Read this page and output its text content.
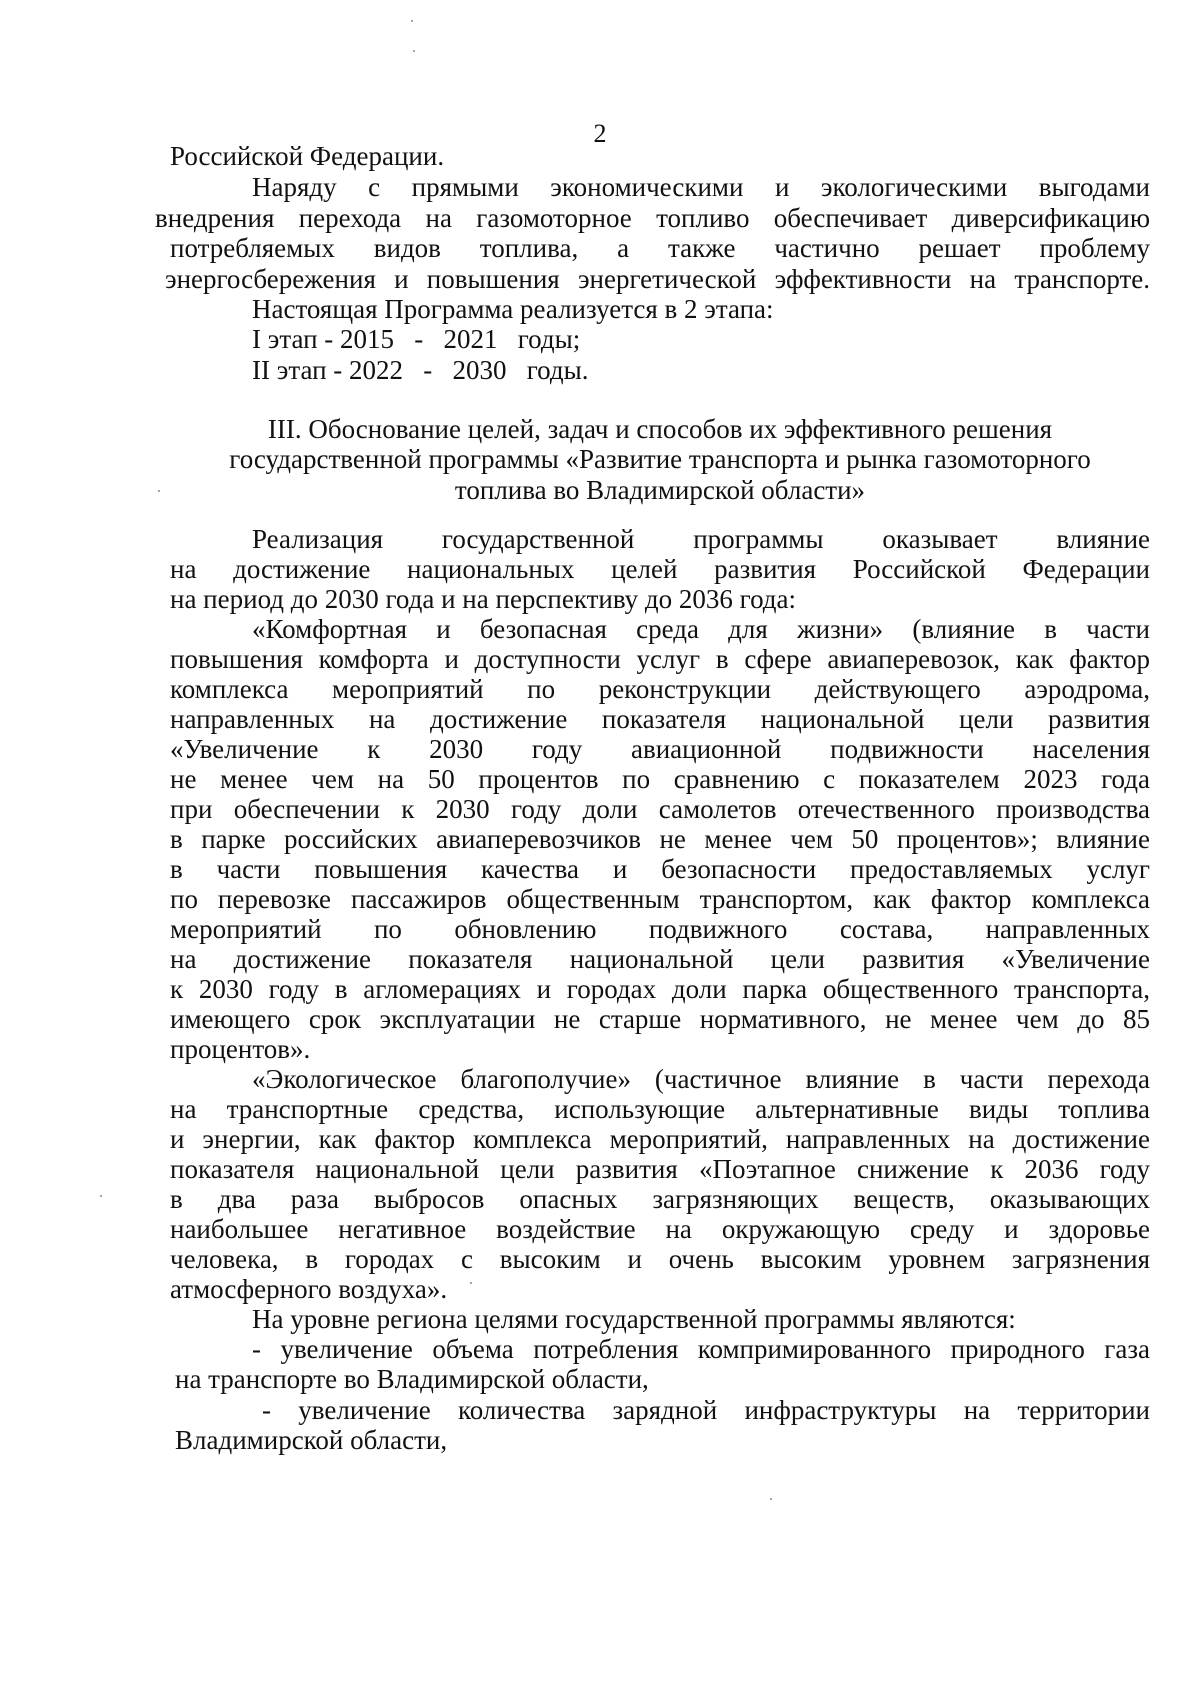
2
Российской Федерации.
Наряду с прямыми экономическими и экологическими выгодами
внедрения перехода на газомоторное топливо обеспечивает диверсификацию
потребляемых видов топлива, а также частично решает проблему
энергосбережения и повышения энергетической эффективности на транспорте.
Настоящая Программа реализуется в 2 этапа:
I этап - 2015   -   2021   годы;
II этап - 2022   -   2030   годы.
III. Обоснование целей, задач и способов их эффективного решения
государственной программы «Развитие транспорта и рынка газомоторного
топлива во Владимирской области»
Реализация государственной программы оказывает влияние
на достижение национальных целей развития Российской Федерации
на период до 2030 года и на перспективу до 2036 года:
«Комфортная и безопасная среда для жизни» (влияние в части
повышения комфорта и доступности услуг в сфере авиаперевозок, как фактор
комплекса мероприятий по реконструкции действующего аэродрома,
направленных на достижение показателя национальной цели развития
«Увеличение к 2030 году авиационной подвижности населения
не менее чем на 50 процентов по сравнению с показателем 2023 года
при обеспечении к 2030 году доли самолетов отечественного производства
в парке российских авиаперевозчиков не менее чем 50 процентов»; влияние
в части повышения качества и безопасности предоставляемых услуг
по перевозке пассажиров общественным транспортом, как фактор комплекса
мероприятий по обновлению подвижного состава, направленных
на достижение показателя национальной цели развития «Увеличение
к 2030 году в агломерациях и городах доли парка общественного транспорта,
имеющего срок эксплуатации не старше нормативного, не менее чем до 85
процентов».
«Экологическое благополучие» (частичное влияние в части перехода
на транспортные средства, использующие альтернативные виды топлива
и энергии, как фактор комплекса мероприятий, направленных на достижение
показателя национальной цели развития «Поэтапное снижение к 2036 году
в два раза выбросов опасных загрязняющих веществ, оказывающих
наибольшее негативное воздействие на окружающую среду и здоровье
человека, в городах с высоким и очень высоким уровнем загрязнения
атмосферного воздуха».
На уровне региона целями государственной программы являются:
- увеличение объема потребления компримированного природного газа
на транспорте во Владимирской области,
- увеличение количества зарядной инфраструктуры на территории
Владимирской области,
